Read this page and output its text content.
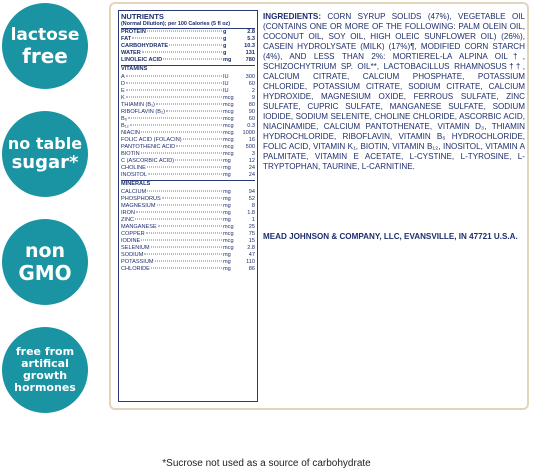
lactose
free
no table
sugar*
non
GMO
free from
artifical
growth
hormones
NUTRIENTS
(Normal Dilution); per 100 Calories (5 fl oz)
PROTEIN	g	2.8
FAT	g	5.3
CARBOHYDRATE	g	10.3
WATER	g	131
LINOLEIC ACID	mg	780
VITAMINS
A	IU	300
D	IU	60
E	IU	2
K	mcg	9
THIAMIN (B₁)	mcg	80
RIBOFLAVIN (B₂)	mcg	90
B₆	mcg	60
B₁₂	mcg	0.3
NIACIN	mcg	1000
FOLIC ACID (FOLACIN)	mcg	16
PANTOTHENIC ACID	mcg	500
BIOTIN	mcg	3
C (ASCORBIC ACID)	mg	12
CHOLINE	mg	24
INOSITOL	mg	24
MINERALS
CALCIUM	mg	94
PHOSPHORUS	mg	52
MAGNESIUM	mg	8
IRON	mg	1.8
ZINC	mg	1
MANGANESE	mcg	25
COPPER	mcg	75
IODINE	mcg	15
SELENIUM	mcg	2.8
SODIUM	mg	47
POTASSIUM	mg	110
CHLORIDE	mg	86
INGREDIENTS: CORN SYRUP SOLIDS (47%), VEGETABLE OIL (CONTAINS ONE OR MORE OF THE FOLLOWING: PALM OLEIN OIL, COCONUT OIL, SOY OIL, HIGH OLEIC SUNFLOWER OIL) (26%), CASEIN HYDROLYSATE (MILK) (17%)¶, MODIFIED CORN STARCH (4%), AND LESS THAN 2%: MORTIEREL-LA ALPINA OIL†, SCHIZOCHYTRIUM SP. OIL**, LACTOBACILLUS RHAMNOSUS††, CALCIUM CITRATE, CALCIUM PHOSPHATE, POTASSIUM CHLORIDE, POTASSIUM CITRATE, SODIUM CITRATE, CALCIUM HYDROXIDE, MAGNESIUM OXIDE, FERROUS SULFATE, ZINC SULFATE, CUPRIC SULFATE, MANGANESE SULFATE, SODIUM IODIDE, SODIUM SELENITE, CHOLINE CHLORIDE, ASCORBIC ACID, NIACINAMIDE, CALCIUM PANTOTHENATE, VITAMIN D₃, THIAMIN HYDROCHLORIDE, RIBOFLAVIN, VITAMIN B₆ HYDROCHLORIDE, FOLIC ACID, VITAMIN K₁, BIOTIN, VITAMIN B₁₂, INOSITOL, VITAMIN A PALMITATE, VITAMIN E ACETATE, L-CYSTINE, L-TYROSINE, L-TRYPTOPHAN, TAURINE, L-CARNITINE.
MEAD JOHNSON & COMPANY, LLC, EVANSVILLE, IN 47721 U.S.A.
*Sucrose not used as a source of carbohydrate
